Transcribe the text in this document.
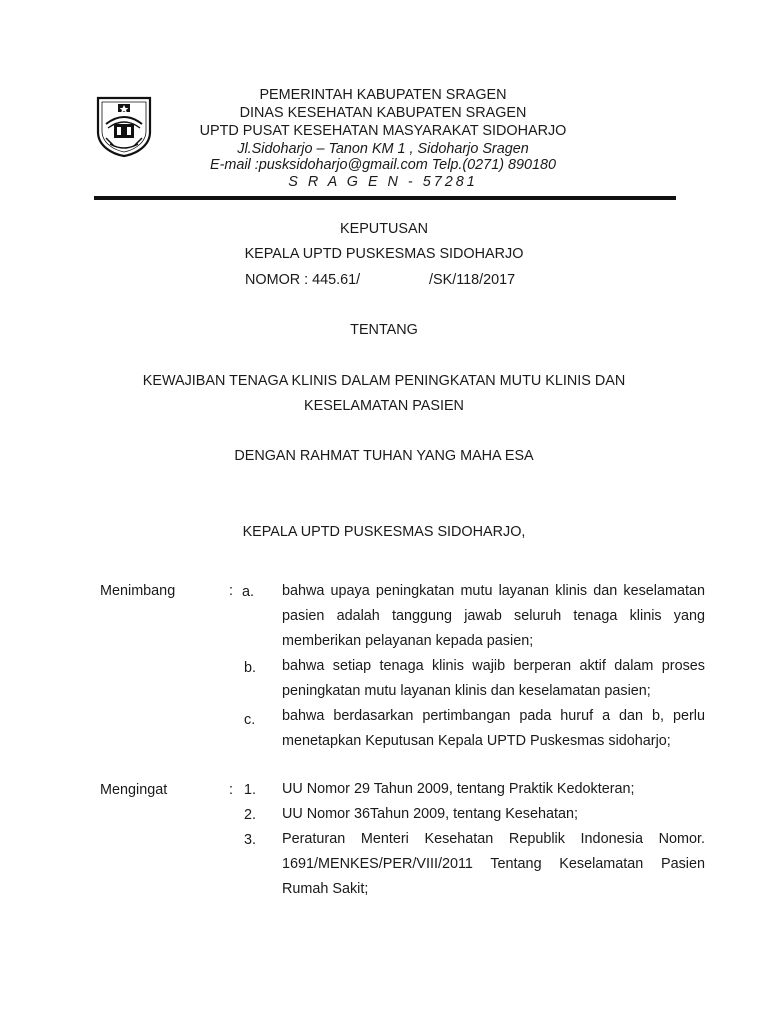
PEMERINTAH KABUPATEN SRAGEN
DINAS KESEHATAN KABUPATEN SRAGEN
UPTD PUSAT KESEHATAN MASYARAKAT SIDOHARJO
Jl.Sidoharjo – Tanon KM 1 , Sidoharjo Sragen
E-mail :pusksidoharjo@gmail.com Telp.(0271) 890180
S R A G E N - 57281
KEPUTUSAN
KEPALA UPTD PUSKESMAS SIDOHARJO
NOMOR : 445.61/	/SK/118/2017
TENTANG
KEWAJIBAN TENAGA KLINIS DALAM PENINGKATAN MUTU KLINIS DAN
KESELAMATAN PASIEN
DENGAN RAHMAT TUHAN YANG MAHA ESA
KEPALA UPTD PUSKESMAS SIDOHARJO,
Menimbang	: a.	bahwa upaya peningkatan mutu layanan klinis dan keselamatan pasien adalah tanggung jawab seluruh tenaga klinis yang memberikan pelayanan kepada pasien;
b.	bahwa setiap tenaga klinis wajib berperan aktif dalam proses peningkatan mutu layanan klinis dan keselamatan pasien;
c.	bahwa berdasarkan pertimbangan pada huruf a dan b, perlu menetapkan Keputusan Kepala UPTD Puskesmas sidoharjo;
Mengingat	: 1.	UU Nomor 29 Tahun 2009, tentang Praktik Kedokteran;
2.	UU Nomor 36Tahun 2009, tentang Kesehatan;
3.	Peraturan Menteri Kesehatan Republik Indonesia Nomor. 1691/MENKES/PER/VIII/2011 Tentang Keselamatan Pasien Rumah Sakit;
